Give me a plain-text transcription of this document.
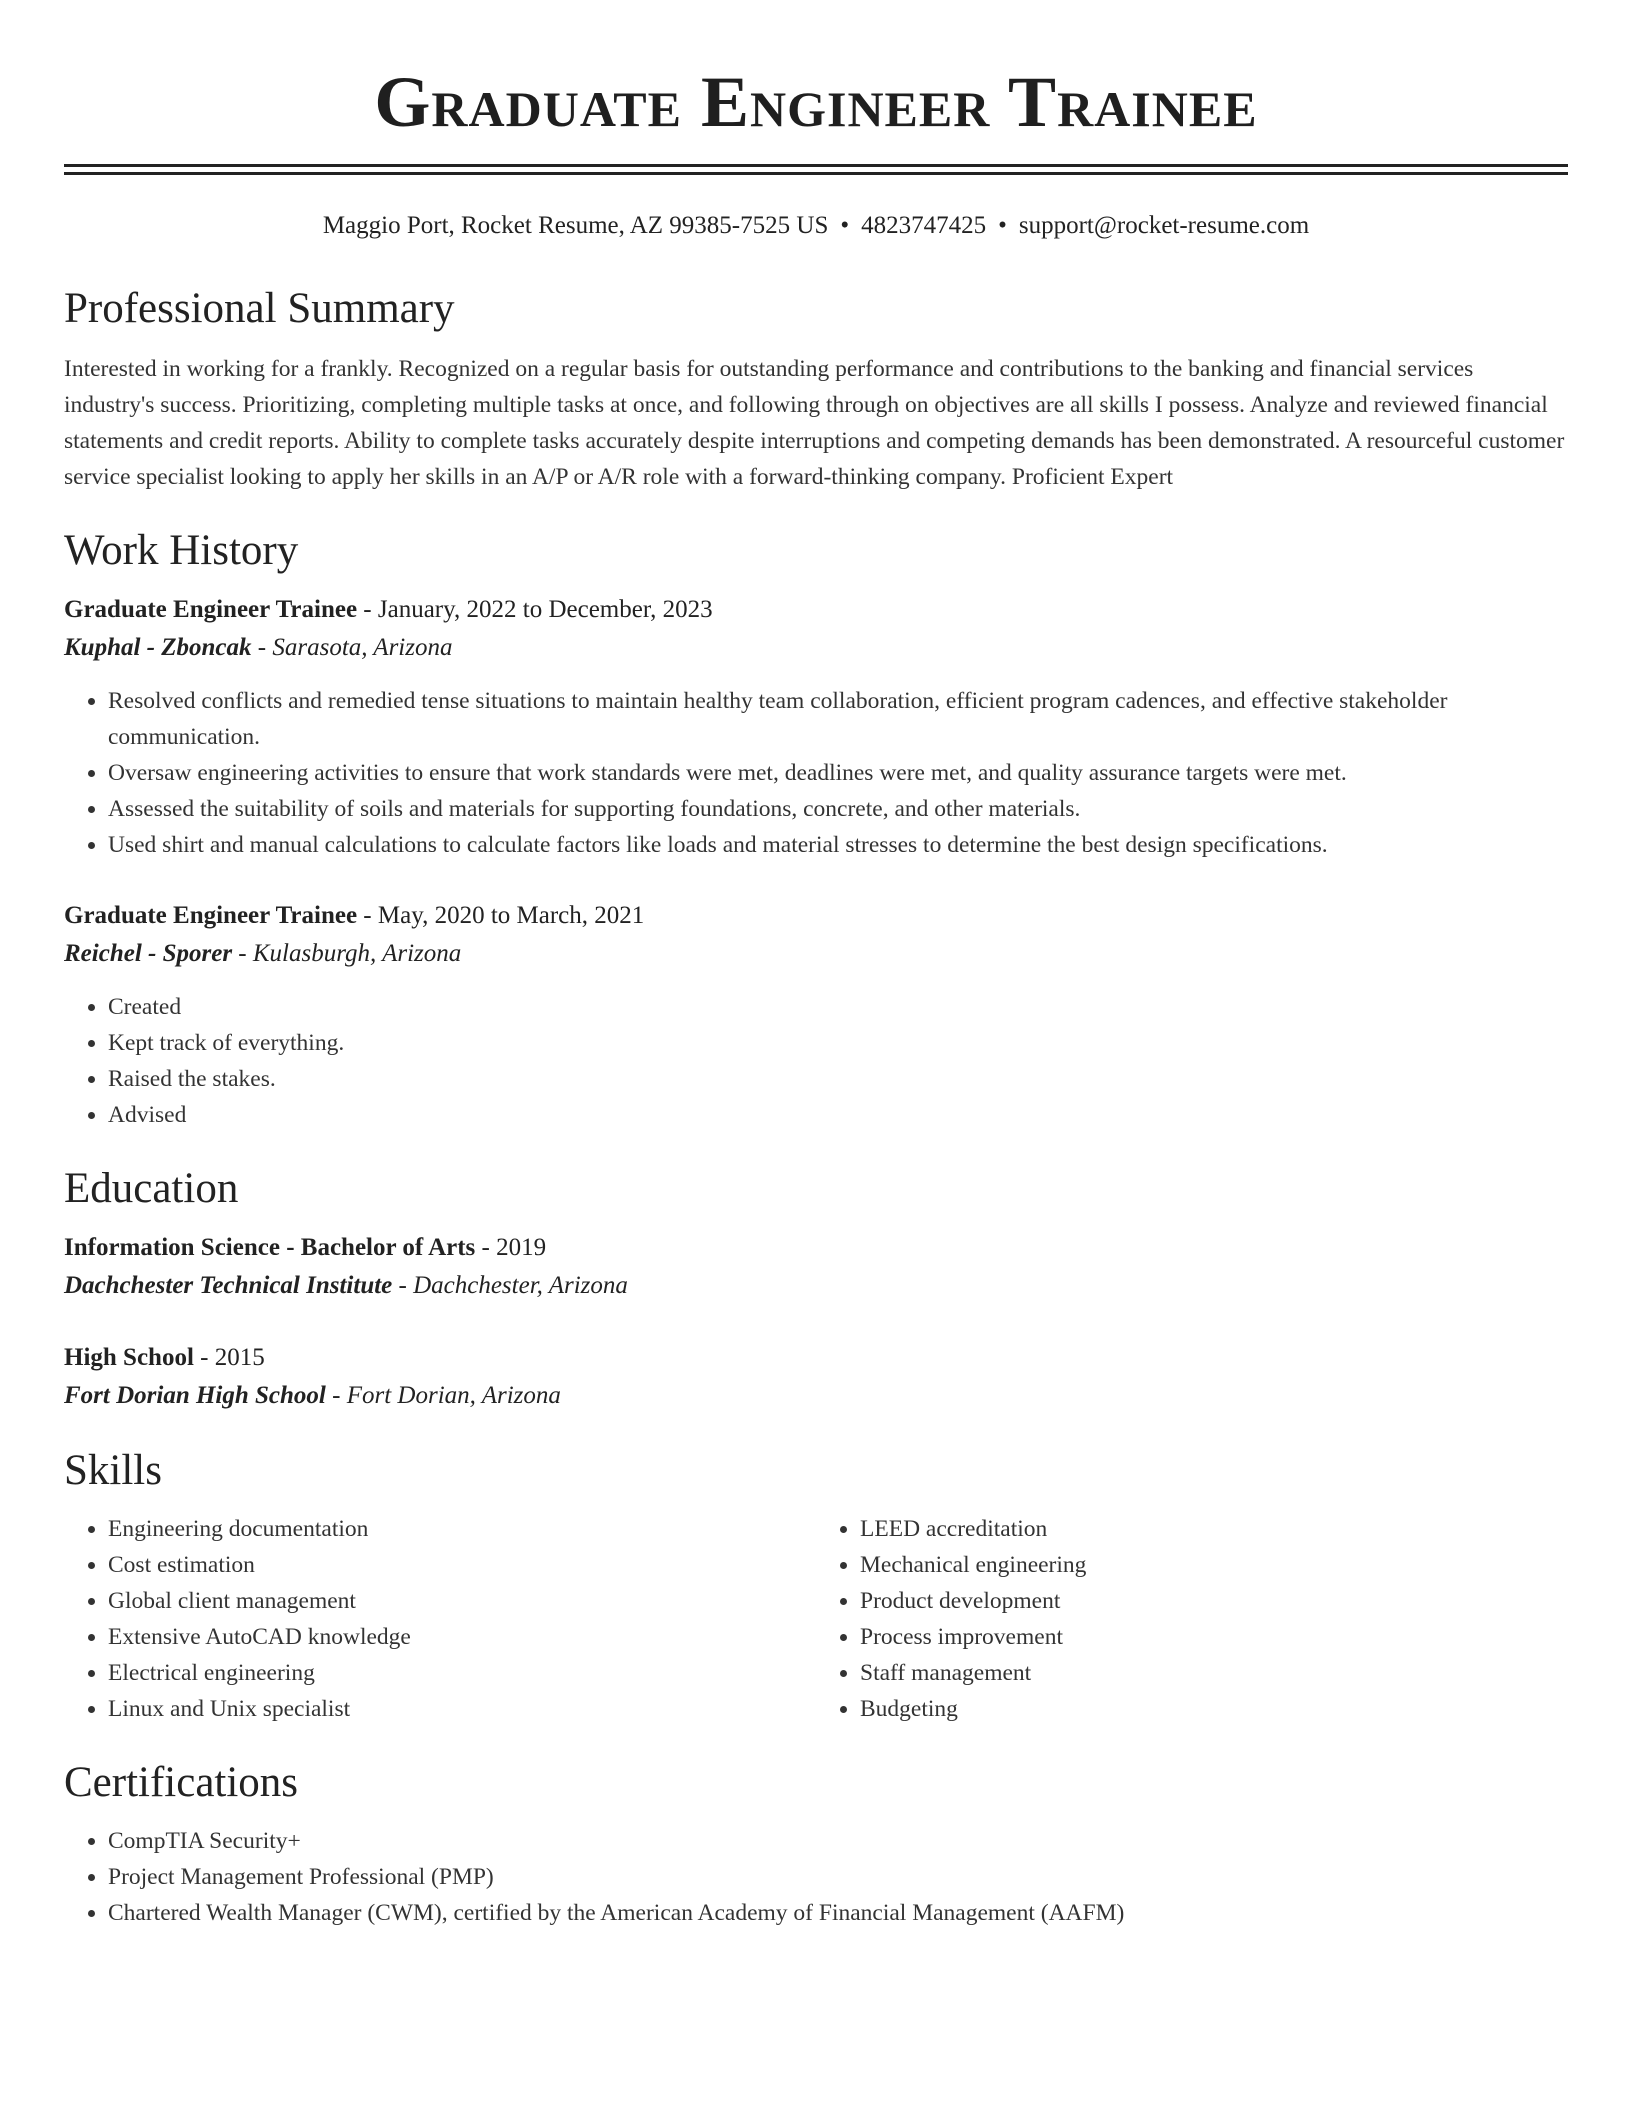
Graduate Engineer Trainee
Maggio Port, Rocket Resume, AZ 99385-7525 US • 4823747425 • support@rocket-resume.com
Professional Summary
Interested in working for a frankly. Recognized on a regular basis for outstanding performance and contributions to the banking and financial services industry's success. Prioritizing, completing multiple tasks at once, and following through on objectives are all skills I possess. Analyze and reviewed financial statements and credit reports. Ability to complete tasks accurately despite interruptions and competing demands has been demonstrated. A resourceful customer service specialist looking to apply her skills in an A/P or A/R role with a forward-thinking company. Proficient Expert
Work History
Graduate Engineer Trainee - January, 2022 to December, 2023
Kuphal - Zboncak - Sarasota, Arizona
• Resolved conflicts and remedied tense situations to maintain healthy team collaboration, efficient program cadences, and effective stakeholder communication.
• Oversaw engineering activities to ensure that work standards were met, deadlines were met, and quality assurance targets were met.
• Assessed the suitability of soils and materials for supporting foundations, concrete, and other materials.
• Used shirt and manual calculations to calculate factors like loads and material stresses to determine the best design specifications.
Graduate Engineer Trainee - May, 2020 to March, 2021
Reichel - Sporer - Kulasburgh, Arizona
• Created
• Kept track of everything.
• Raised the stakes.
• Advised
Education
Information Science - Bachelor of Arts - 2019
Dachchester Technical Institute - Dachchester, Arizona
High School - 2015
Fort Dorian High School - Fort Dorian, Arizona
Skills
• Engineering documentation
• Cost estimation
• Global client management
• Extensive AutoCAD knowledge
• Electrical engineering
• Linux and Unix specialist
• LEED accreditation
• Mechanical engineering
• Product development
• Process improvement
• Staff management
• Budgeting
Certifications
• CompTIA Security+
• Project Management Professional (PMP)
• Chartered Wealth Manager (CWM), certified by the American Academy of Financial Management (AAFM)
